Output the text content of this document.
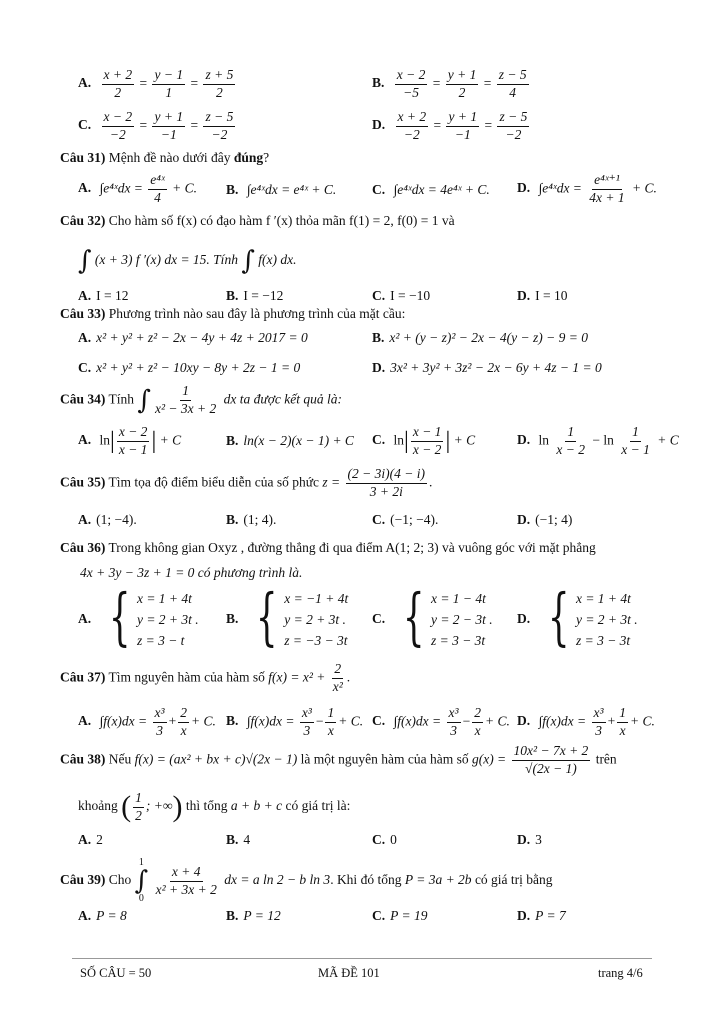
A. $\frac{x + 2}{2} = \frac{y - 1}{1} = \frac{z + 5}{2}$	B. $\frac{x - 2}{-5} = \frac{y + 1}{2} = \frac{z - 5}{4}$
C. $\frac{x - 2}{-2} = \frac{y + 1}{-1} = \frac{z - 5}{-2}$	D. $\frac{x + 2}{-2} = \frac{y + 1}{-1} = \frac{z - 5}{-2}$
Câu 31) Mệnh đề nào dưới đây đúng?
A. ∫e⁴ˣdx = $\frac{\text{e⁴ˣ}}{4} + C$. B. ∫e⁴ˣdx = e⁴ˣ + C.	C. ∫e⁴ˣdx = 4e⁴ˣ + C. D. ∫e⁴ˣdx = $\frac{\text{e⁴ˣ⁺¹}}{4x + 1} + C$.
Câu 32) Cho hàm số f(x) có đạo hàm f ′(x) thỏa mãn f(1) = 2, f(0) = 1 và
∫ (x + 3) f ′(x) dx = 15. Tính ∫ f(x) dx.
A. I = 12	B. I = −12	C. I = −10	D. I = 10
Câu 33) Phương trình nào sau đây là phương trình của mặt cầu:
A. x² + y² + z² − 2x − 4y + 4z + 2017 = 0	B. x² + (y − z)² − 2x − 4(y − z) − 9 = 0
C. x² + y² + z² − 10xy − 8y + 2z − 1 = 0	D. 3x² + 3y² + 3z² − 2x − 6y + 4z − 1 = 0
Câu 34) Tính ∫ $\frac{1}{\text{x² − 3x + 2}}$ dx ta được kết quả là:
A. $\ln| \frac{x - 2}{x - 1}$ | + C	B. ln(x − 2)(x − 1) + C C. $\ln| \frac{x - 1}{x - 2}$ | + C	D. $\ln \frac{1}{x - 2} - \ln \frac{1}{x - 1} + C$
Câu 35) Tìm tọa độ điểm biểu diễn của số phức $z = \frac{(2 - 3i)(4 - i)}{3 + 2i}$ .
A. (1; −4).	B. (1; 4).	C. (−1; −4).	D. (−1; 4)
Câu 36) Trong không gian Oxyz , đường thẳng đi qua điểm A(1; 2; 3) và vuông góc với mặt phẳng
4x + 3y − 3z + 1 = 0 có phương trình là.
A. { x = 1 + 4t
y = 2 + 3t .
z = 3 − t
B. { x = −1 + 4t
y = 2 + 3t .
z = −3 − 3t
C. { x = 1 − 4t
y = 2 − 3t .
z = 3 − 3t
D. { x = 1 + 4t
y = 2 + 3t .
z = 3 − 3t
Câu 37) Tìm nguyên hàm của hàm số $f(x) = x^2 + \frac{2}{\text{x²}}$ .
A. $\int f(x)dx = \frac{\text{x³}}{3} + \frac{2}{x} + C$. B. $\int f(x)dx = \frac{\text{x³}}{3} - \frac{1}{x} + C$. C. $\int f(x)dx = \frac{\text{x³}}{3} - \frac{2}{x} + C$. D. $\int f(x)dx = \frac{\text{x³}}{3} + \frac{1}{x} + C$.
Câu 38) Nếu f(x) = (ax² + bx + c)√(2x − 1) là một nguyên hàm của hàm số $g(x) = \frac{\text{10x² − 7x + 2}}{√(2x - 1)}$ trên
khoảng ( $\frac{1}{2}$ ; +∞) thì tổng a + b + c có giá trị là:
A. 2	B. 4	C. 0	D. 3
Câu 39) Cho
1
∫
0

$\frac{x + 4}{\text{x² + 3x + 2}}$ dx = a ln 2 − b ln 3. Khi đó tổng P = 3a + 2b có giá trị bằng
A. P = 8	B. P = 12	C. P = 19	D. P = 7
SỐ CÂU = 50	MÃ ĐỀ 101	trang 4/6
